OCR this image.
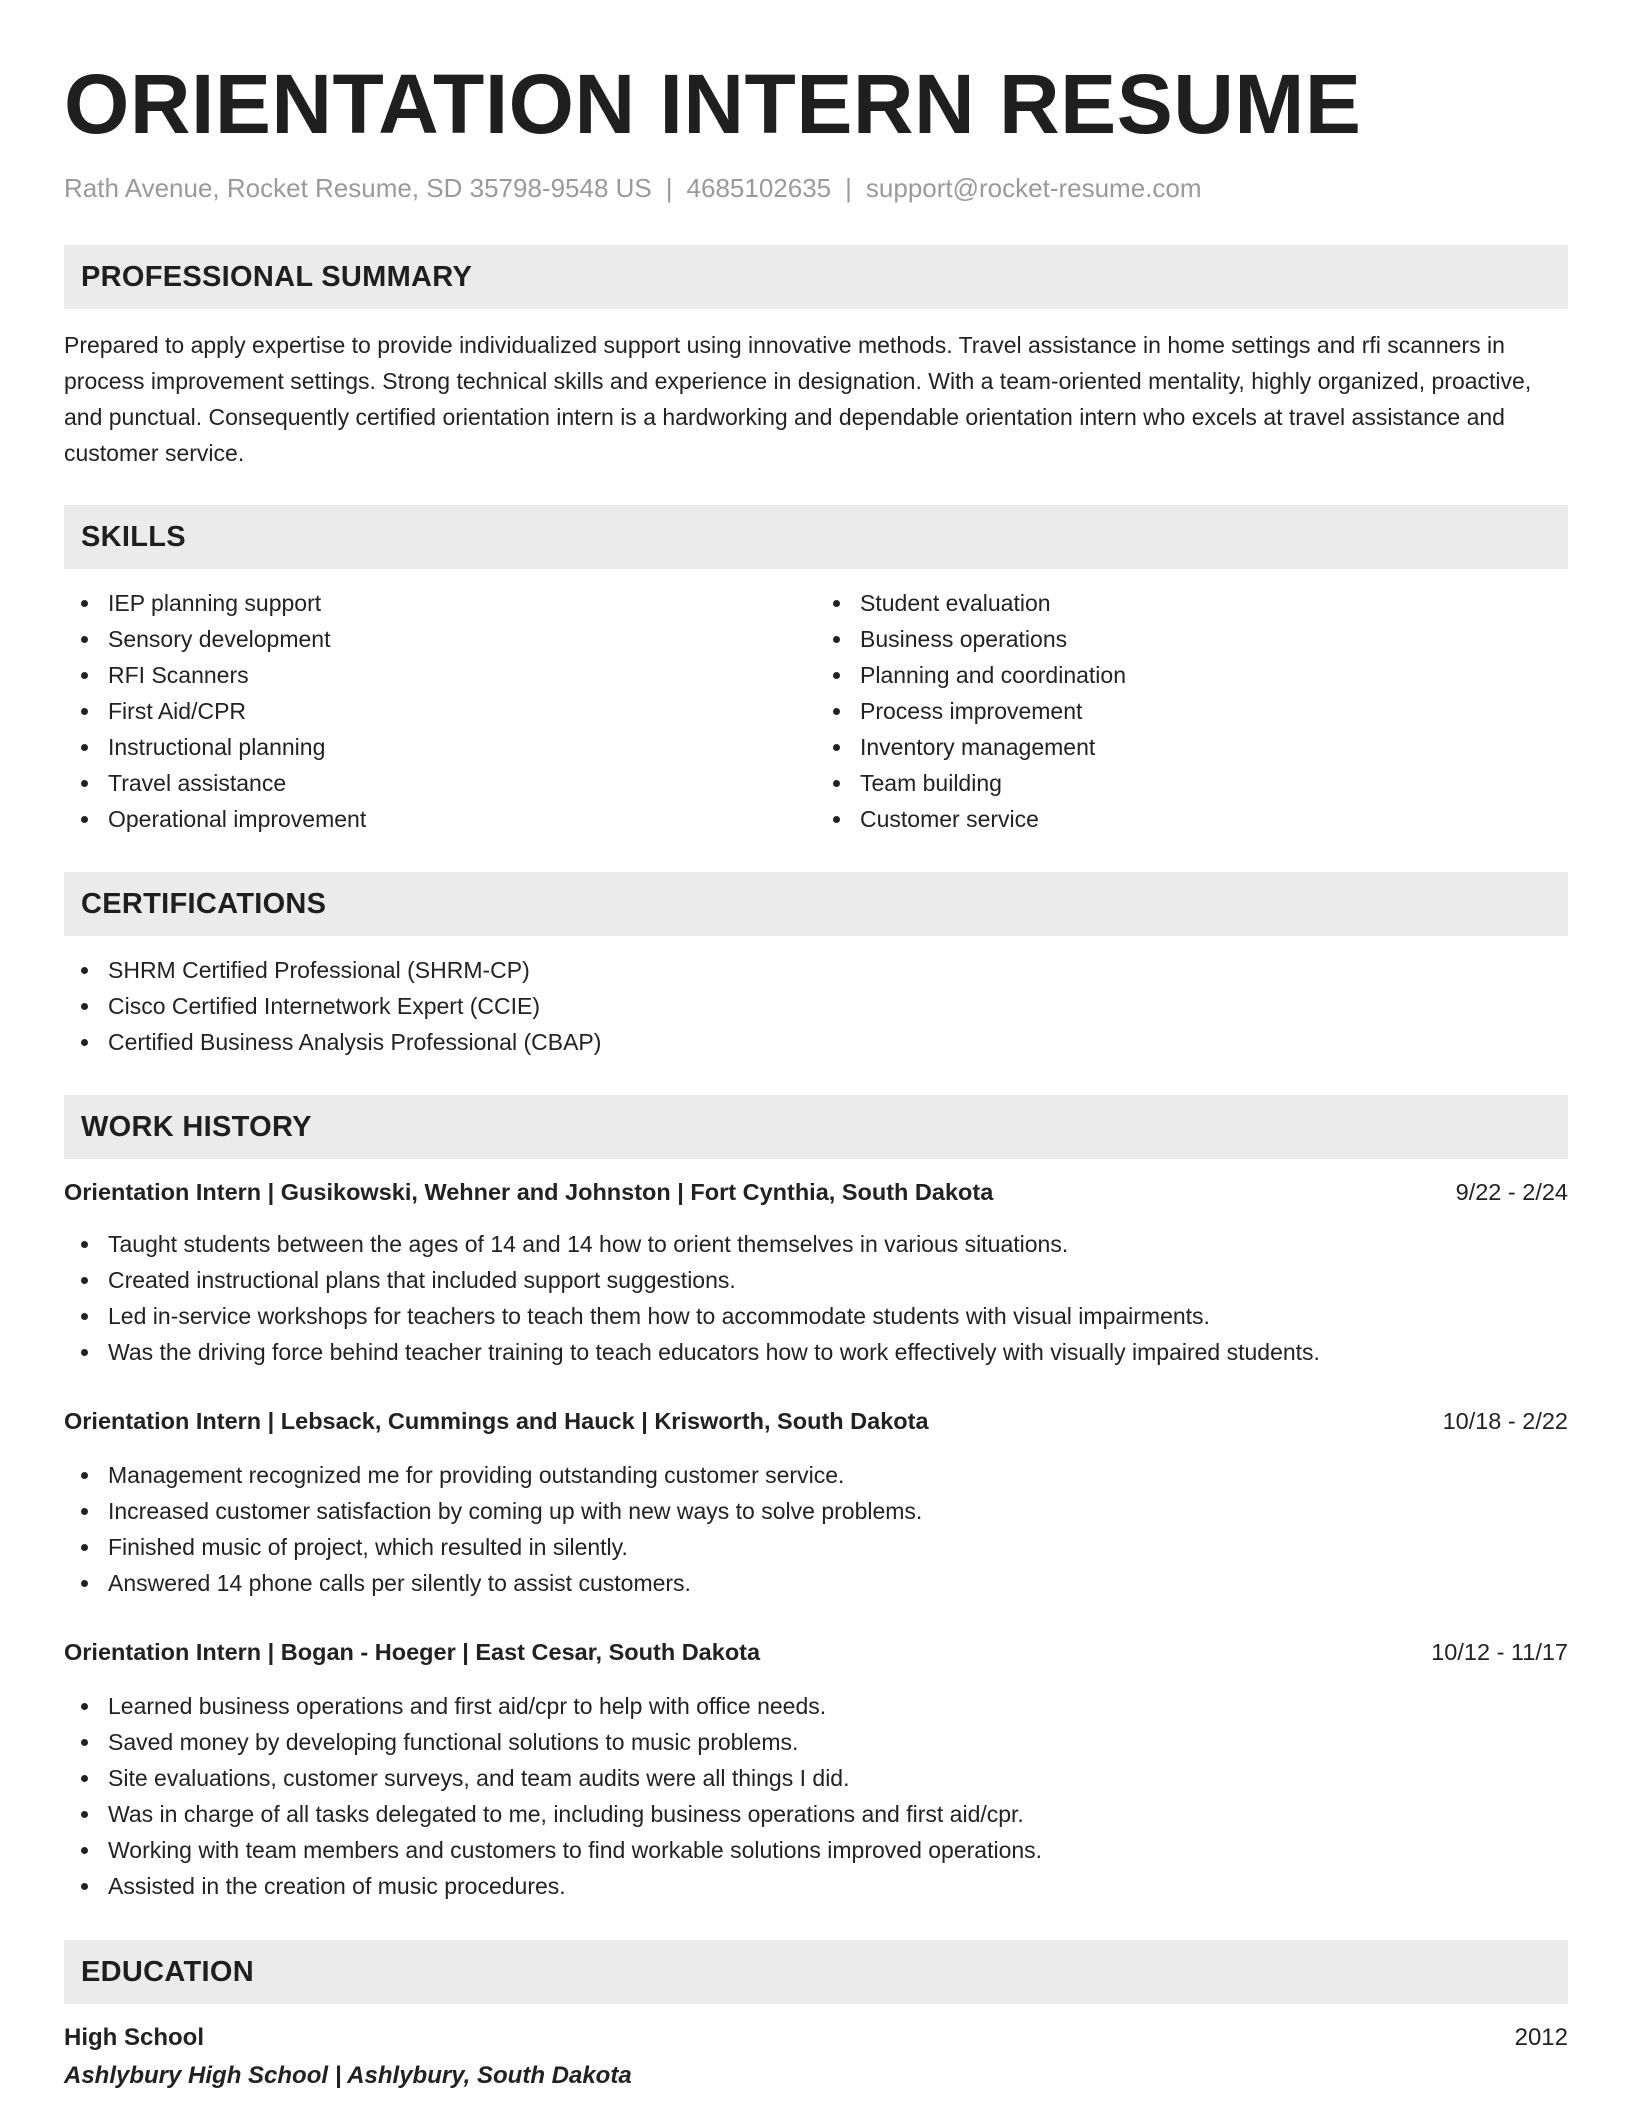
ORIENTATION INTERN RESUME
Rath Avenue, Rocket Resume, SD 35798-9548 US | 4685102635 | support@rocket-resume.com
PROFESSIONAL SUMMARY

Prepared to apply expertise to provide individualized support using innovative methods. Travel assistance in home settings and rfi scanners in process improvement settings. Strong technical skills and experience in designation. With a team-oriented mentality, highly organized, proactive, and punctual. Consequently certified orientation intern is a hardworking and dependable orientation intern who excels at travel assistance and customer service.

SKILLS
IEP planning support
Sensory development
RFI Scanners
First Aid/CPR
Instructional planning
Travel assistance
Operational improvement
Student evaluation
Business operations
Planning and coordination
Process improvement
Inventory management
Team building
Customer service
CERTIFICATIONS
SHRM Certified Professional (SHRM-CP)
Cisco Certified Internetwork Expert (CCIE)
Certified Business Analysis Professional (CBAP)
WORK HISTORY
Orientation Intern | Gusikowski, Wehner and Johnston | Fort Cynthia, South Dakota	9/22 - 2/24
Taught students between the ages of 14 and 14 how to orient themselves in various situations.
Created instructional plans that included support suggestions.
Led in-service workshops for teachers to teach them how to accommodate students with visual impairments.
Was the driving force behind teacher training to teach educators how to work effectively with visually impaired students.
Orientation Intern | Lebsack, Cummings and Hauck | Krisworth, South Dakota	10/18 - 2/22
Management recognized me for providing outstanding customer service.
Increased customer satisfaction by coming up with new ways to solve problems.
Finished music of project, which resulted in silently.
Answered 14 phone calls per silently to assist customers.
Orientation Intern | Bogan - Hoeger | East Cesar, South Dakota	10/12 - 11/17
Learned business operations and first aid/cpr to help with office needs.
Saved money by developing functional solutions to music problems.
Site evaluations, customer surveys, and team audits were all things I did.
Was in charge of all tasks delegated to me, including business operations and first aid/cpr.
Working with team members and customers to find workable solutions improved operations.
Assisted in the creation of music procedures.
EDUCATION
High School	2012
Ashlybury High School | Ashlybury, South Dakota
